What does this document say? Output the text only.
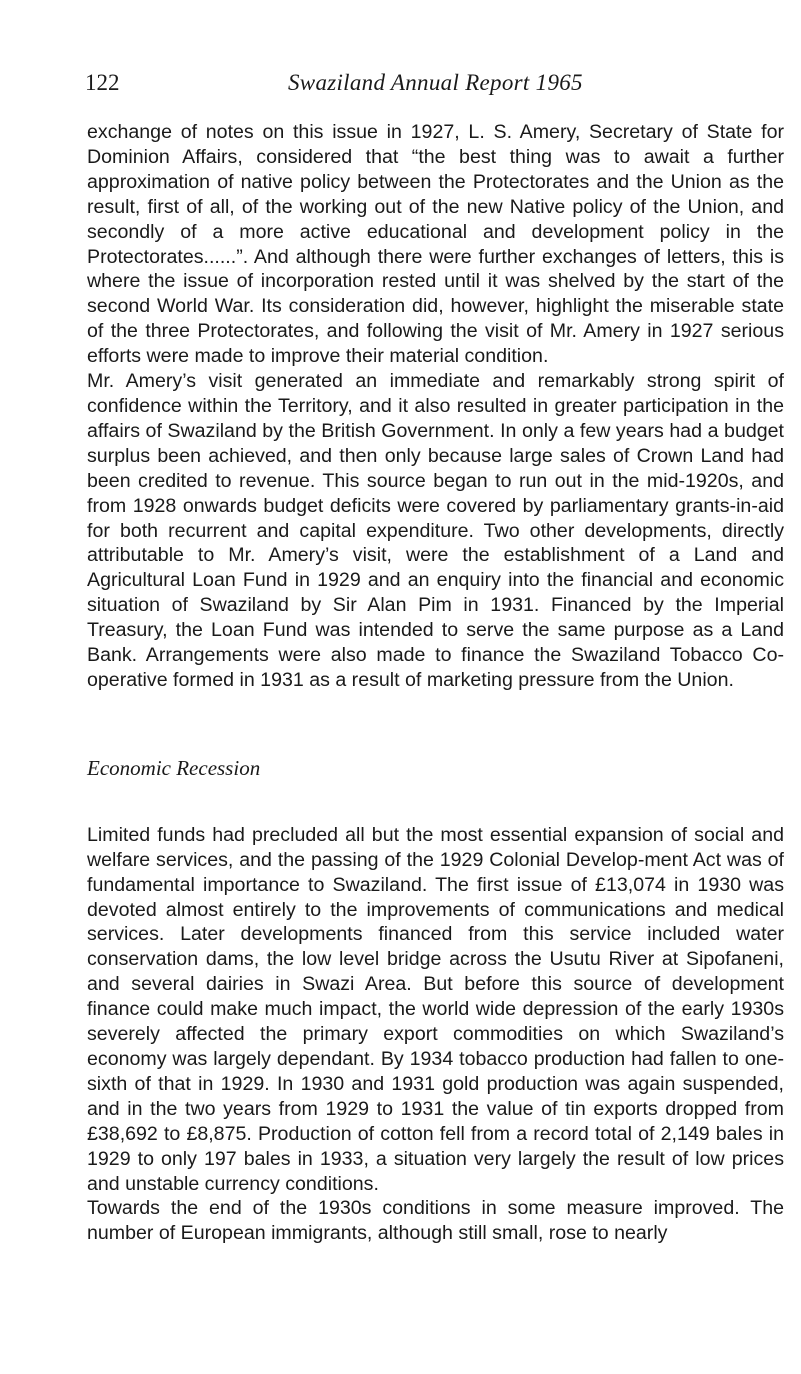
122	Swaziland Annual Report 1965

exchange of notes on this issue in 1927, L. S. Amery, Secretary of State for Dominion Affairs, considered that “the best thing was to await a further approximation of native policy between the Protectorates and the Union as the result, first of all, of the working out of the new Native policy of the Union, and secondly of a more active educational and development policy in the Protectorates......”. And although there were further exchanges of letters, this is where the issue of incorporation rested until it was shelved by the start of the second World War. Its consideration did, however, highlight the miserable state of the three Protectorates, and following the visit of Mr. Amery in 1927 serious efforts were made to improve their material condition.

Mr. Amery’s visit generated an immediate and remarkably strong spirit of confidence within the Territory, and it also resulted in greater participation in the affairs of Swaziland by the British Government. In only a few years had a budget surplus been achieved, and then only because large sales of Crown Land had been credited to revenue. This source began to run out in the mid-1920s, and from 1928 onwards budget deficits were covered by parliamentary grants-in-aid for both recurrent and capital expenditure. Two other developments, directly attributable to Mr. Amery’s visit, were the establishment of a Land and Agricultural Loan Fund in 1929 and an enquiry into the financial and economic situation of Swaziland by Sir Alan Pim in 1931. Financed by the Imperial Treasury, the Loan Fund was intended to serve the same purpose as a Land Bank. Arrangements were also made to finance the Swaziland Tobacco Co-operative formed in 1931 as a result of marketing pressure from the Union.

Economic Recession

Limited funds had precluded all but the most essential expansion of social and welfare services, and the passing of the 1929 Colonial Develop-ment Act was of fundamental importance to Swaziland. The first issue of £13,074 in 1930 was devoted almost entirely to the improvements of communications and medical services. Later developments financed from this service included water conservation dams, the low level bridge across the Usutu River at Sipofaneni, and several dairies in Swazi Area. But before this source of development finance could make much impact, the world wide depression of the early 1930s severely affected the primary export commodities on which Swaziland’s economy was largely dependant. By 1934 tobacco production had fallen to one-sixth of that in 1929. In 1930 and 1931 gold production was again suspended, and in the two years from 1929 to 1931 the value of tin exports dropped from £38,692 to £8,875. Production of cotton fell from a record total of 2,149 bales in 1929 to only 197 bales in 1933, a situation very largely the result of low prices and unstable currency conditions.

Towards the end of the 1930s conditions in some measure improved. The number of European immigrants, although still small, rose to nearly
